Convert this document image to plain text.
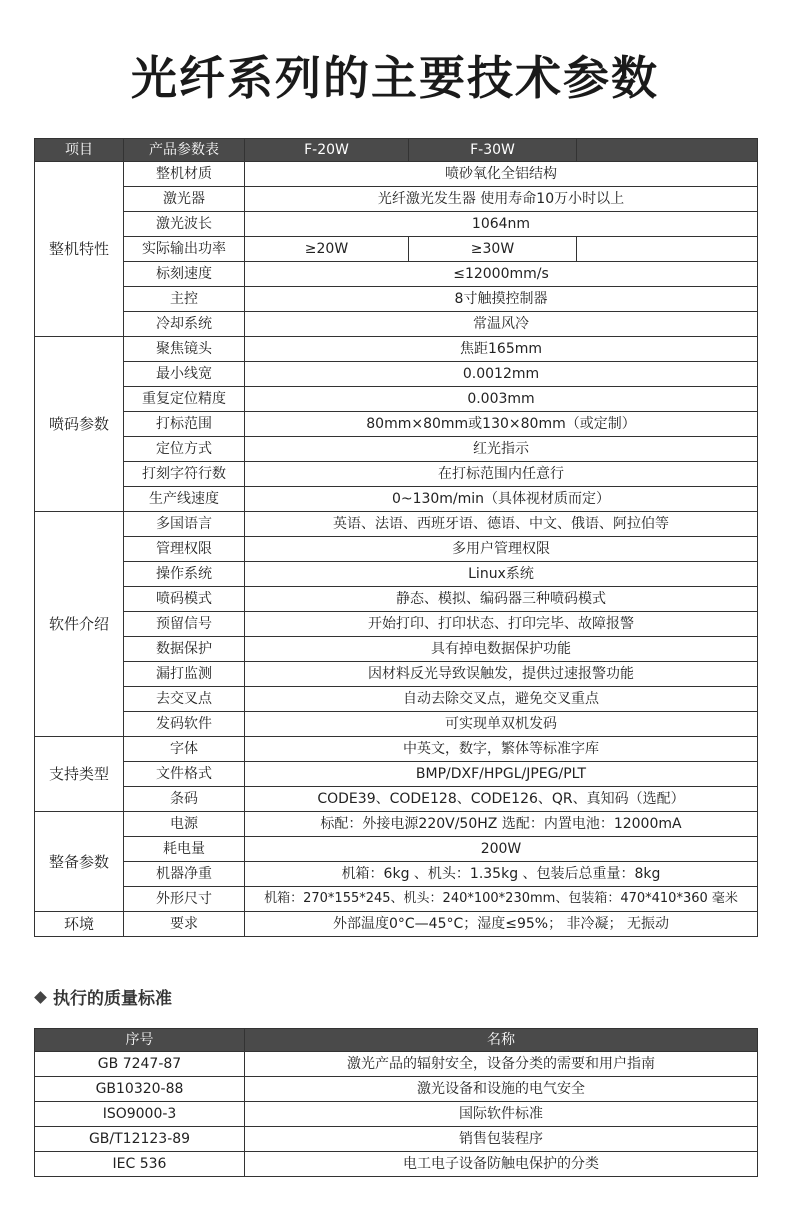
光纤系列的主要技术参数
项目	产品参数表	F-20W	F-30W	
整机特性	整机材质	喷砂氧化全铝结构		
	激光器	光纤激光发生器 使用寿命10万小时以上		
	激光波长	1064nm		
	实际输出功率	≥20W	≥30W	
	标刻速度	≤12000mm/s		
	主控	8寸触摸控制器		
	冷却系统	常温风冷		
喷码参数	聚焦镜头	焦距165mm		
	最小线宽	0.0012mm		
	重复定位精度	0.003mm		
	打标范围	80mm×80mm或130×80mm（或定制）		
	定位方式	红光指示		
	打刻字符行数	在打标范围内任意行		
	生产线速度	0~130m/min（具体视材质而定）		
软件介绍	多国语言	英语、法语、西班牙语、德语、中文、俄语、阿拉伯等		
	管理权限	多用户管理权限		
	操作系统	Linux系统		
	喷码模式	静态、模拟、编码器三种喷码模式		
	预留信号	开始打印、打印状态、打印完毕、故障报警		
	数据保护	具有掉电数据保护功能		
	漏打监测	因材料反光导致误触发，提供过速报警功能		
	去交叉点	自动去除交叉点，避免交叉重点		
	发码软件	可实现单双机发码		
支持类型	字体	中英文，数字，繁体等标准字库		
	文件格式	BMP/DXF/HPGL/JPEG/PLT		
	条码	CODE39、CODE128、CODE126、QR、真知码（选配）		
整备参数	电源	标配：外接电源220V/50HZ 选配：内置电池：12000mA		
	耗电量	200W		
	机器净重	机箱：6kg 、机头：1.35kg 、包装后总重量：8kg		
	外形尺寸	机箱：270*155*245、机头：240*100*230mm、包装箱：470*410*360 毫米		
环境	要求	外部温度0°C—45°C；湿度≤95%； 非冷凝； 无振动		
执行的质量标准
序号	名称
GB 7247-87	激光产品的辐射安全，设备分类的需要和用户指南
GB10320-88	激光设备和设施的电气安全
ISO9000-3	国际软件标准
GB/T12123-89	销售包装程序
IEC 536	电工电子设备防触电保护的分类
